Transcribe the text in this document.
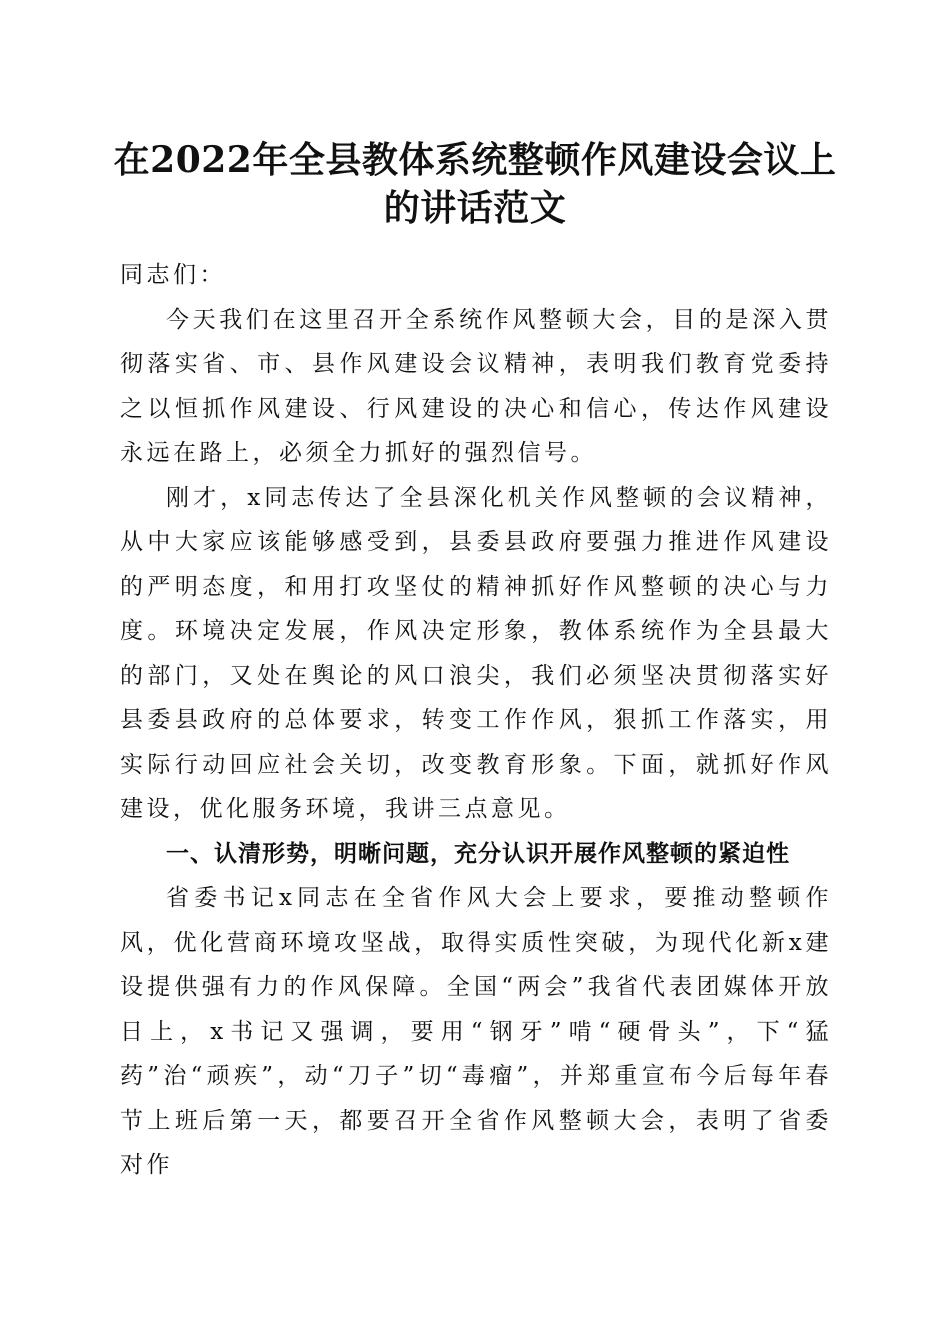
在2022年全县教体系统整顿作风建设会议上
的讲话范文

同志们：

今天我们在这里召开全系统作风整顿大会，目的是深入贯彻落实省、市、县作风建设会议精神，表明我们教育党委持之以恒抓作风建设、行风建设的决心和信心，传达作风建设永远在路上，必须全力抓好的强烈信号。

刚才，x同志传达了全县深化机关作风整顿的会议精神，从中大家应该能够感受到，县委县政府要强力推进作风建设的严明态度，和用打攻坚仗的精神抓好作风整顿的决心与力度。环境决定发展，作风决定形象，教体系统作为全县最大的部门，又处在舆论的风口浪尖，我们必须坚决贯彻落实好县委县政府的总体要求，转变工作作风，狠抓工作落实，用实际行动回应社会关切，改变教育形象。下面，就抓好作风建设，优化服务环境，我讲三点意见。

一、认清形势，明晰问题，充分认识开展作风整顿的紧迫性

省委书记x同志在全省作风大会上要求，要推动整顿作风，优化营商环境攻坚战，取得实质性突破，为现代化新x建设提供强有力的作风保障。全国“两会”我省代表团媒体开放日上，x书记又强调，要用“钢牙”啃“硬骨头”，下“猛药”治“顽疾”，动“刀子”切“毒瘤”，并郑重宣布今后每年春节上班后第一天，都要召开全省作风整顿大会，表明了省委对作
